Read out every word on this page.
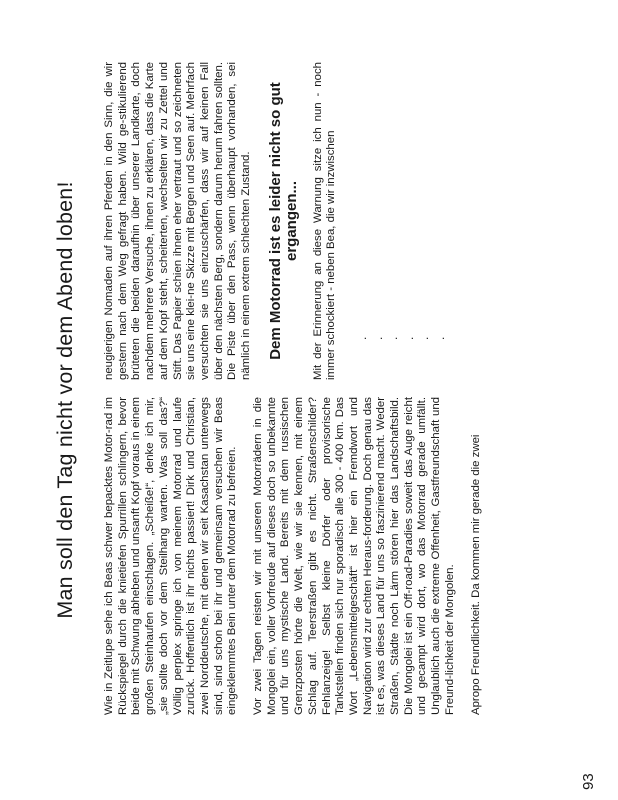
Man soll den Tag nicht vor dem Abend loben! Wie in Zeitlupe sehe ich Beas schwer bepacktes Motor-rad im Rückspiegel durch die knietiefen Spurrillen schlingern, bevor beide mit Schwung abheben und unsanft Kopf voraus in einem großen Steinhaufen einschlagen. „Scheiße!“, denke ich mir, „sie sollte doch vor dem Steilhang warten. Was soll das?“ Völlig perplex springe ich von meinem Motorrad und laufe zurück. Hoffentlich ist ihr nichts passiert! Dirk und Christian, zwei Norddeutsche, mit denen wir seit Kasachstan unterwegs sind, sind schon bei ihr und gemeinsam versuchen wir Beas eingeklemmtes Bein unter dem Motorrad zu befreien. Vor zwei Tagen reisten wir mit unseren Motorrädern in die Mongolei ein, voller Vorfreude auf dieses doch so unbekannte und für uns mystische Land. Bereits mit dem russischen Grenzposten hörte die Welt, wie wir sie kennen, mit einem Schlag auf. Teerstraßen gibt es nicht. Straßenschilder? Fehlanzeige! Selbst kleine Dörfer oder provisorische Tankstellen finden sich nur sporadisch alle 300 - 400 km. Das Wort „Lebensmittelgeschäft“ ist hier ein Fremdwort und Navigation wird zur echten Heraus-forderung. Doch genau das ist es, was dieses Land für uns so faszinierend macht. Weder Straßen, Städte noch Lärm stören hier das Landschaftsbild. Die Mongolei ist ein Off-road-Paradies soweit das Auge reicht und gecampt wird dort, wo das Motorrad gerade umfällt. Unglaublich auch die extreme Offenheit, Gastfreundschaft und Freund-lichkeit der Mongolen. Apropo Freundlichkeit. Da kommen mir gerade die zwei

neugierigen Nomaden auf ihren Pferden in den Sinn, die wir gestern nach dem Weg gefragt haben. Wild ge-stikulierend brüteten die beiden daraufhin über unserer Landkarte, doch nachdem mehrere Versuche, ihnen zu erklären, dass die Karte auf dem Kopf steht, scheiterten, wechselten wir zu Zettel und Stift. Das Papier schien ihnen eher vertraut und so zeichneten sie uns eine klei-ne Skizze mit Bergen und Seen auf. Mehrfach versuchten sie uns einzuschärfen, dass wir auf keinen Fall über den nächsten Berg, sondern darum herum fahren sollten. Die Piste über den Pass, wenn überhaupt vorhanden, sei nämlich in einem extrem schlechten Zustand. Dem Motorrad ist es leider nicht so gut ergangen... Mit der Erinnerung an diese Warnung sitze ich nun - noch immer schockiert - neben Bea, die wir inzwischen . . . . . .
93
